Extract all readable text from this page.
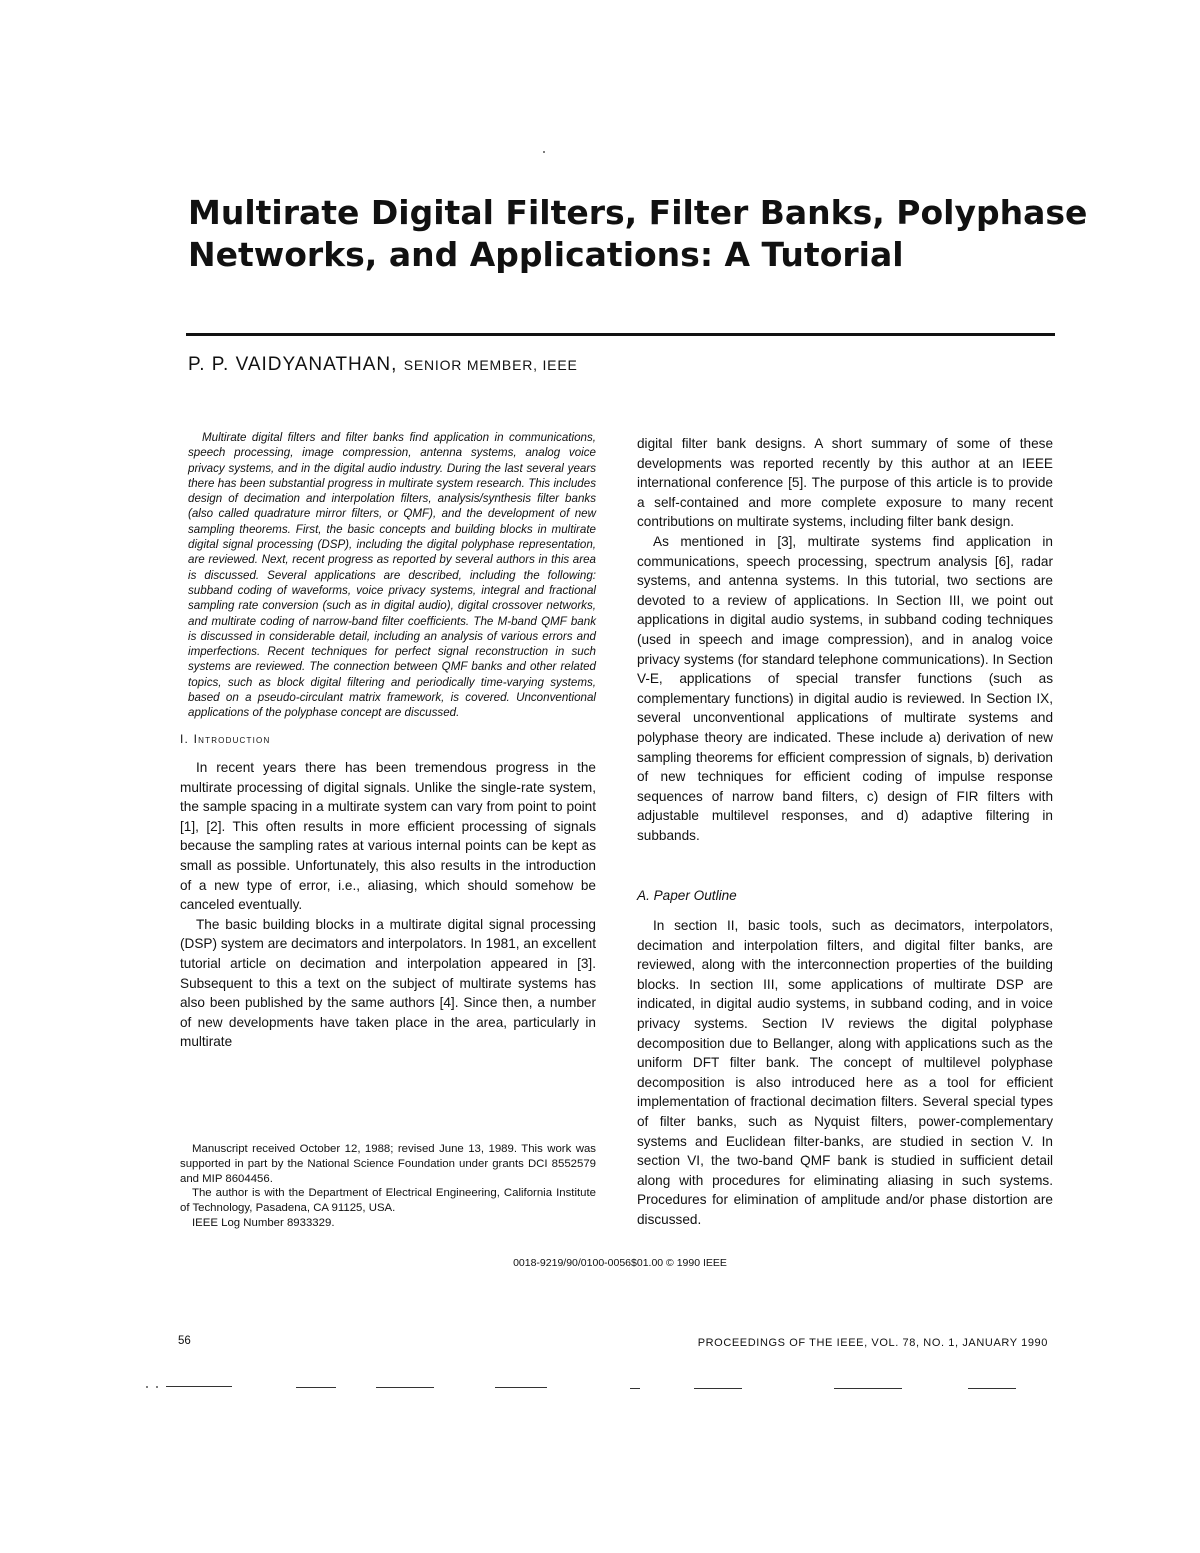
Multirate Digital Filters, Filter Banks, Polyphase Networks, and Applications: A Tutorial
P. P. VAIDYANATHAN, SENIOR MEMBER, IEEE
Multirate digital filters and filter banks find application in communications, speech processing, image compression, antenna systems, analog voice privacy systems, and in the digital audio industry. During the last several years there has been substantial progress in multirate system research. This includes design of decimation and interpolation filters, analysis/synthesis filter banks (also called quadrature mirror filters, or QMF), and the development of new sampling theorems. First, the basic concepts and building blocks in multirate digital signal processing (DSP), including the digital polyphase representation, are reviewed. Next, recent progress as reported by several authors in this area is discussed. Several applications are described, including the following: subband coding of waveforms, voice privacy systems, integral and fractional sampling rate conversion (such as in digital audio), digital crossover networks, and multirate coding of narrow-band filter coefficients. The M-band QMF bank is discussed in considerable detail, including an analysis of various errors and imperfections. Recent techniques for perfect signal reconstruction in such systems are reviewed. The connection between QMF banks and other related topics, such as block digital filtering and periodically time-varying systems, based on a pseudo-circulant matrix framework, is covered. Unconventional applications of the polyphase concept are discussed.
I. Introduction

In recent years there has been tremendous progress in the multirate processing of digital signals. Unlike the single-rate system, the sample spacing in a multirate system can vary from point to point [1], [2]. This often results in more efficient processing of signals because the sampling rates at various internal points can be kept as small as possible. Unfortunately, this also results in the introduction of a new type of error, i.e., aliasing, which should somehow be canceled eventually.

The basic building blocks in a multirate digital signal processing (DSP) system are decimators and interpolators. In 1981, an excellent tutorial article on decimation and interpolation appeared in [3]. Subsequent to this a text on the subject of multirate systems has also been published by the same authors [4]. Since then, a number of new developments have taken place in the area, particularly in multirate

Manuscript received October 12, 1988; revised June 13, 1989. This work was supported in part by the National Science Foundation under grants DCI 8552579 and MIP 8604456.

The author is with the Department of Electrical Engineering, California Institute of Technology, Pasadena, CA 91125, USA.

IEEE Log Number 8933329.

digital filter bank designs. A short summary of some of these developments was reported recently by this author at an IEEE international conference [5]. The purpose of this article is to provide a self-contained and more complete exposure to many recent contributions on multirate systems, including filter bank design.

As mentioned in [3], multirate systems find application in communications, speech processing, spectrum analysis [6], radar systems, and antenna systems. In this tutorial, two sections are devoted to a review of applications. In Section III, we point out applications in digital audio systems, in subband coding techniques (used in speech and image compression), and in analog voice privacy systems (for standard telephone communications). In Section V-E, applications of special transfer functions (such as complementary functions) in digital audio is reviewed. In Section IX, several unconventional applications of multirate systems and polyphase theory are indicated. These include a) derivation of new sampling theorems for efficient compression of signals, b) derivation of new techniques for efficient coding of impulse response sequences of narrow band filters, c) design of FIR filters with adjustable multilevel responses, and d) adaptive filtering in subbands.

A. Paper Outline

In section II, basic tools, such as decimators, interpolators, decimation and interpolation filters, and digital filter banks, are reviewed, along with the interconnection properties of the building blocks. In section III, some applications of multirate DSP are indicated, in digital audio systems, in subband coding, and in voice privacy systems. Section IV reviews the digital polyphase decomposition due to Bellanger, along with applications such as the uniform DFT filter bank. The concept of multilevel polyphase decomposition is also introduced here as a tool for efficient implementation of fractional decimation filters. Several special types of filter banks, such as Nyquist filters, power-complementary systems and Euclidean filter-banks, are studied in section V. In section VI, the two-band QMF bank is studied in sufficient detail along with procedures for eliminating aliasing in such systems. Procedures for elimination of amplitude and/or phase distortion are discussed.

0018-9219/90/0100-0056$01.00 © 1990 IEEE
56	PROCEEDINGS OF THE IEEE, VOL. 78, NO. 1, JANUARY 1990
